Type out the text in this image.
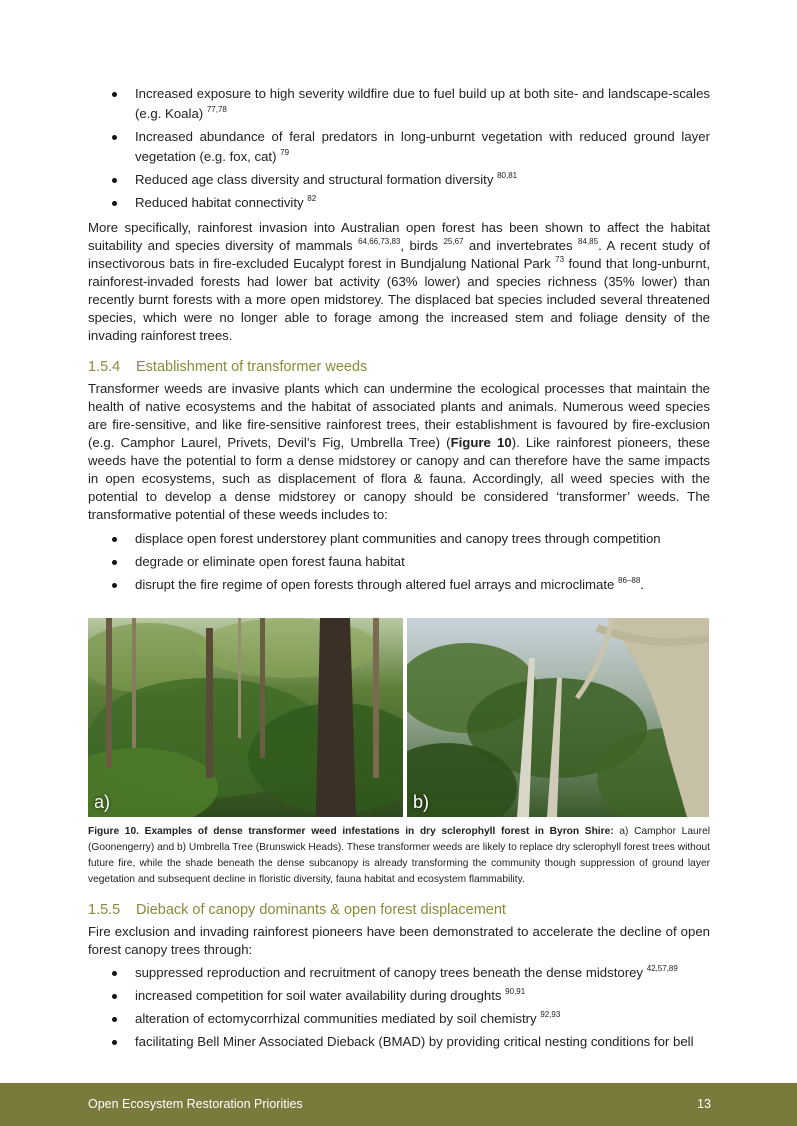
Increased exposure to high severity wildfire due to fuel build up at both site- and landscape-scales (e.g. Koala) $^{77,78}$
Increased abundance of feral predators in long-unburnt vegetation with reduced ground layer vegetation (e.g. fox, cat) $^{79}$
Reduced age class diversity and structural formation diversity $^{80,81}$
Reduced habitat connectivity $^{82}$

More specifically, rainforest invasion into Australian open forest has been shown to affect the habitat suitability and species diversity of mammals $^{64,66,73,83}$, birds $^{25,67}$ and invertebrates $^{84,85}$. A recent study of insectivorous bats in fire-excluded Eucalypt forest in Bundjalung National Park $^{73}$ found that long-unburnt, rainforest-invaded forests had lower bat activity (63% lower) and species richness (35% lower) than recently burnt forests with a more open midstorey. The displaced bat species included several threatened species, which were no longer able to forage among the increased stem and foliage density of the invading rainforest trees.

1.5.4 Establishment of transformer weeds

Transformer weeds are invasive plants which can undermine the ecological processes that maintain the health of native ecosystems and the habitat of associated plants and animals. Numerous weed species are fire-sensitive, and like fire-sensitive rainforest trees, their establishment is favoured by fire-exclusion (e.g. Camphor Laurel, Privets, Devil’s Fig, Umbrella Tree) (Figure 10). Like rainforest pioneers, these weeds have the potential to form a dense midstorey or canopy and can therefore have the same impacts in open ecosystems, such as displacement of flora & fauna. Accordingly, all weed species with the potential to develop a dense midstorey or canopy should be considered ‘transformer’ weeds. The transformative potential of these weeds includes to:

displace open forest understorey plant communities and canopy trees through competition
degrade or eliminate open forest fauna habitat
disrupt the fire regime of open forests through altered fuel arrays and microclimate $^{86-88}$.
a)	b)
Figure 10. Examples of dense transformer weed infestations in dry sclerophyll forest in Byron Shire: a) Camphor Laurel (Goonengerry) and b) Umbrella Tree (Brunswick Heads). These transformer weeds are likely to replace dry sclerophyll forest trees without future fire, while the shade beneath the dense subcanopy is already transforming the community though suppression of ground layer vegetation and subsequent decline in floristic diversity, fauna habitat and ecosystem flammability.
1.5.5 Dieback of canopy dominants & open forest displacement

Fire exclusion and invading rainforest pioneers have been demonstrated to accelerate the decline of open forest canopy trees through:

suppressed reproduction and recruitment of canopy trees beneath the dense midstorey $^{42,57,89}$
increased competition for soil water availability during droughts $^{90,91}$
alteration of ectomycorrhizal communities mediated by soil chemistry $^{92,93}$
facilitating Bell Miner Associated Dieback (BMAD) by providing critical nesting conditions for bell
Open Ecosystem Restoration Priorities	13
